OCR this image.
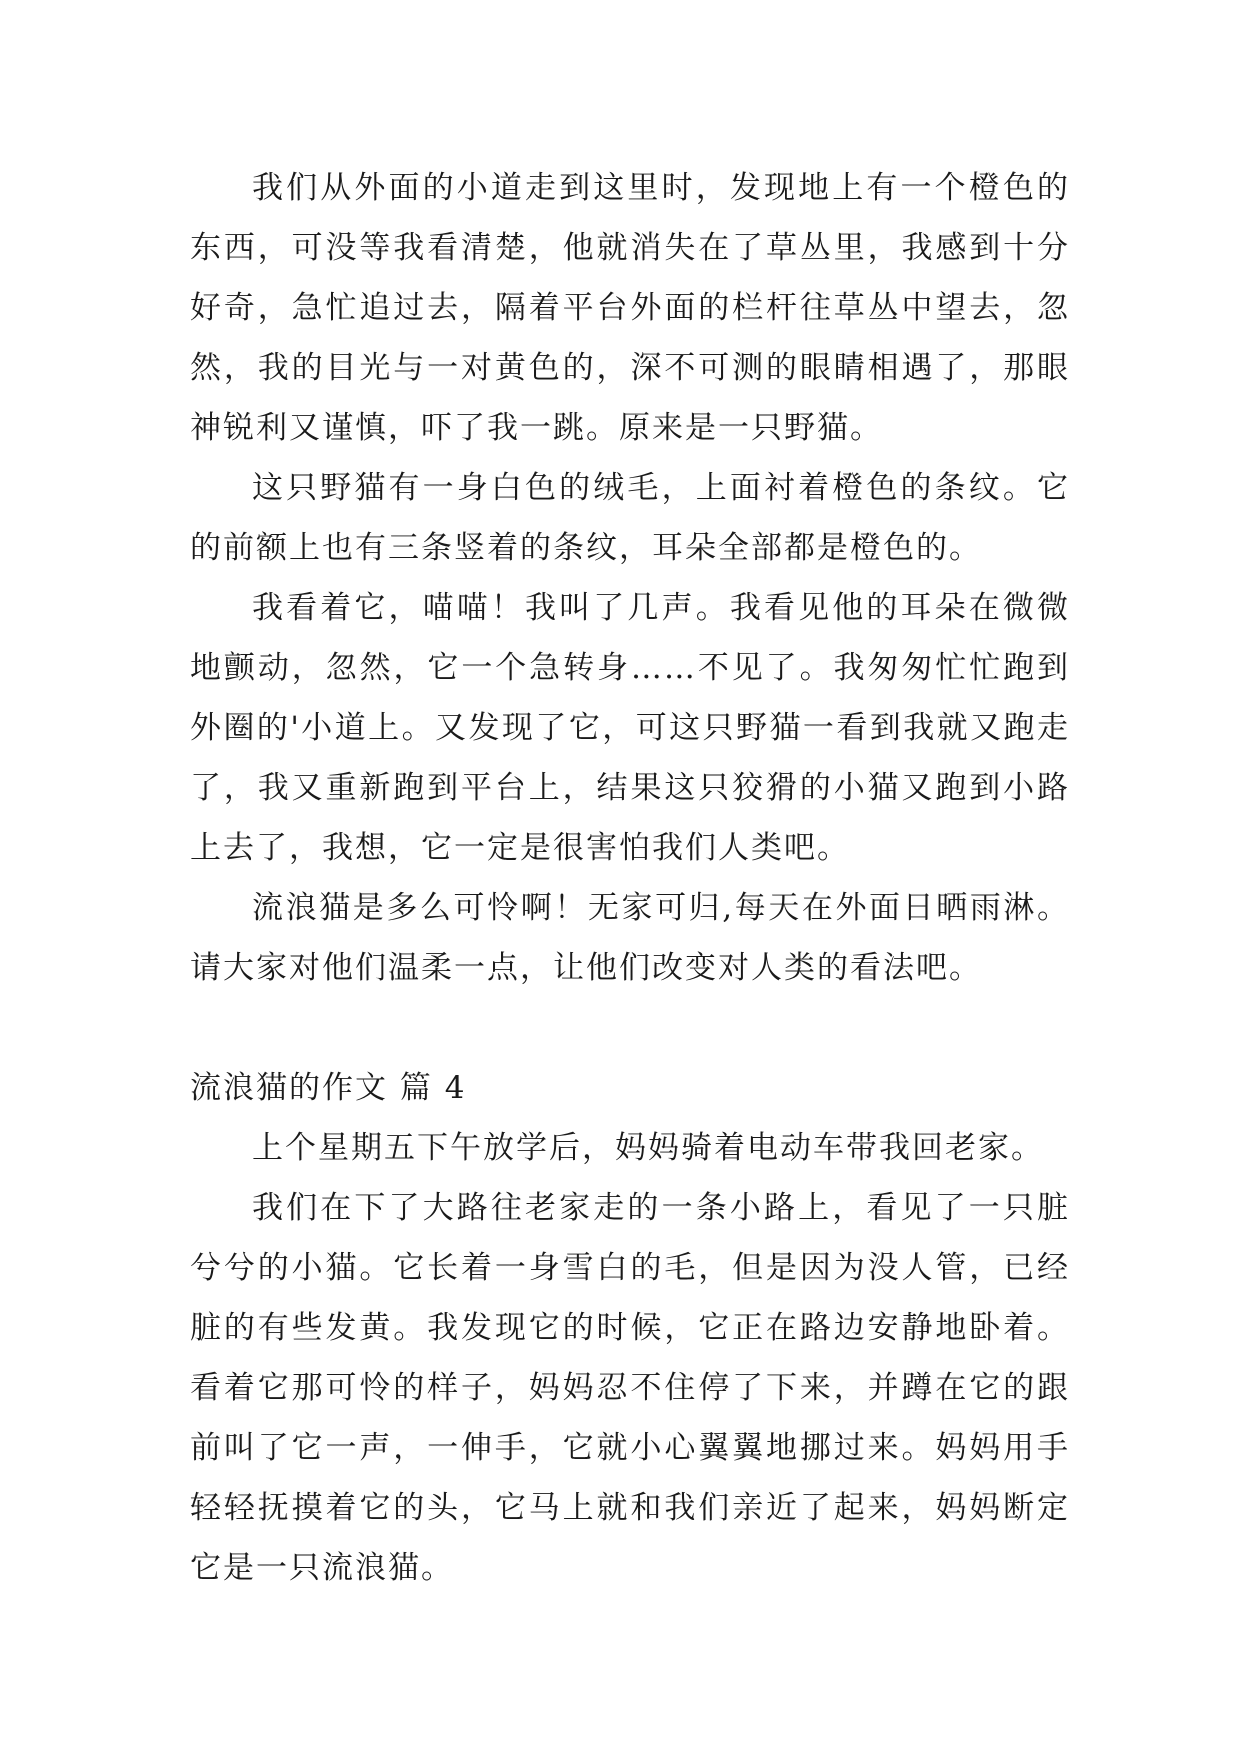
我们从外面的小道走到这里时，发现地上有一个橙色的东西，可没等我看清楚，他就消失在了草丛里，我感到十分好奇，急忙追过去，隔着平台外面的栏杆往草丛中望去，忽然，我的目光与一对黄色的，深不可测的眼睛相遇了，那眼神锐利又谨慎，吓了我一跳。原来是一只野猫。

这只野猫有一身白色的绒毛，上面衬着橙色的条纹。它的前额上也有三条竖着的条纹，耳朵全部都是橙色的。

我看着它，喵喵！我叫了几声。我看见他的耳朵在微微地颤动，忽然，它一个急转身……不见了。我匆匆忙忙跑到外圈的'小道上。又发现了它，可这只野猫一看到我就又跑走了，我又重新跑到平台上，结果这只狡猾的小猫又跑到小路上去了，我想，它一定是很害怕我们人类吧。

流浪猫是多么可怜啊！无家可归,每天在外面日晒雨淋。请大家对他们温柔一点，让他们改变对人类的看法吧。

流浪猫的作文 篇 4

上个星期五下午放学后，妈妈骑着电动车带我回老家。

我们在下了大路往老家走的一条小路上，看见了一只脏兮兮的小猫。它长着一身雪白的毛，但是因为没人管，已经脏的有些发黄。我发现它的时候，它正在路边安静地卧着。看着它那可怜的样子，妈妈忍不住停了下来，并蹲在它的跟前叫了它一声，一伸手，它就小心翼翼地挪过来。妈妈用手轻轻抚摸着它的头，它马上就和我们亲近了起来，妈妈断定它是一只流浪猫。
